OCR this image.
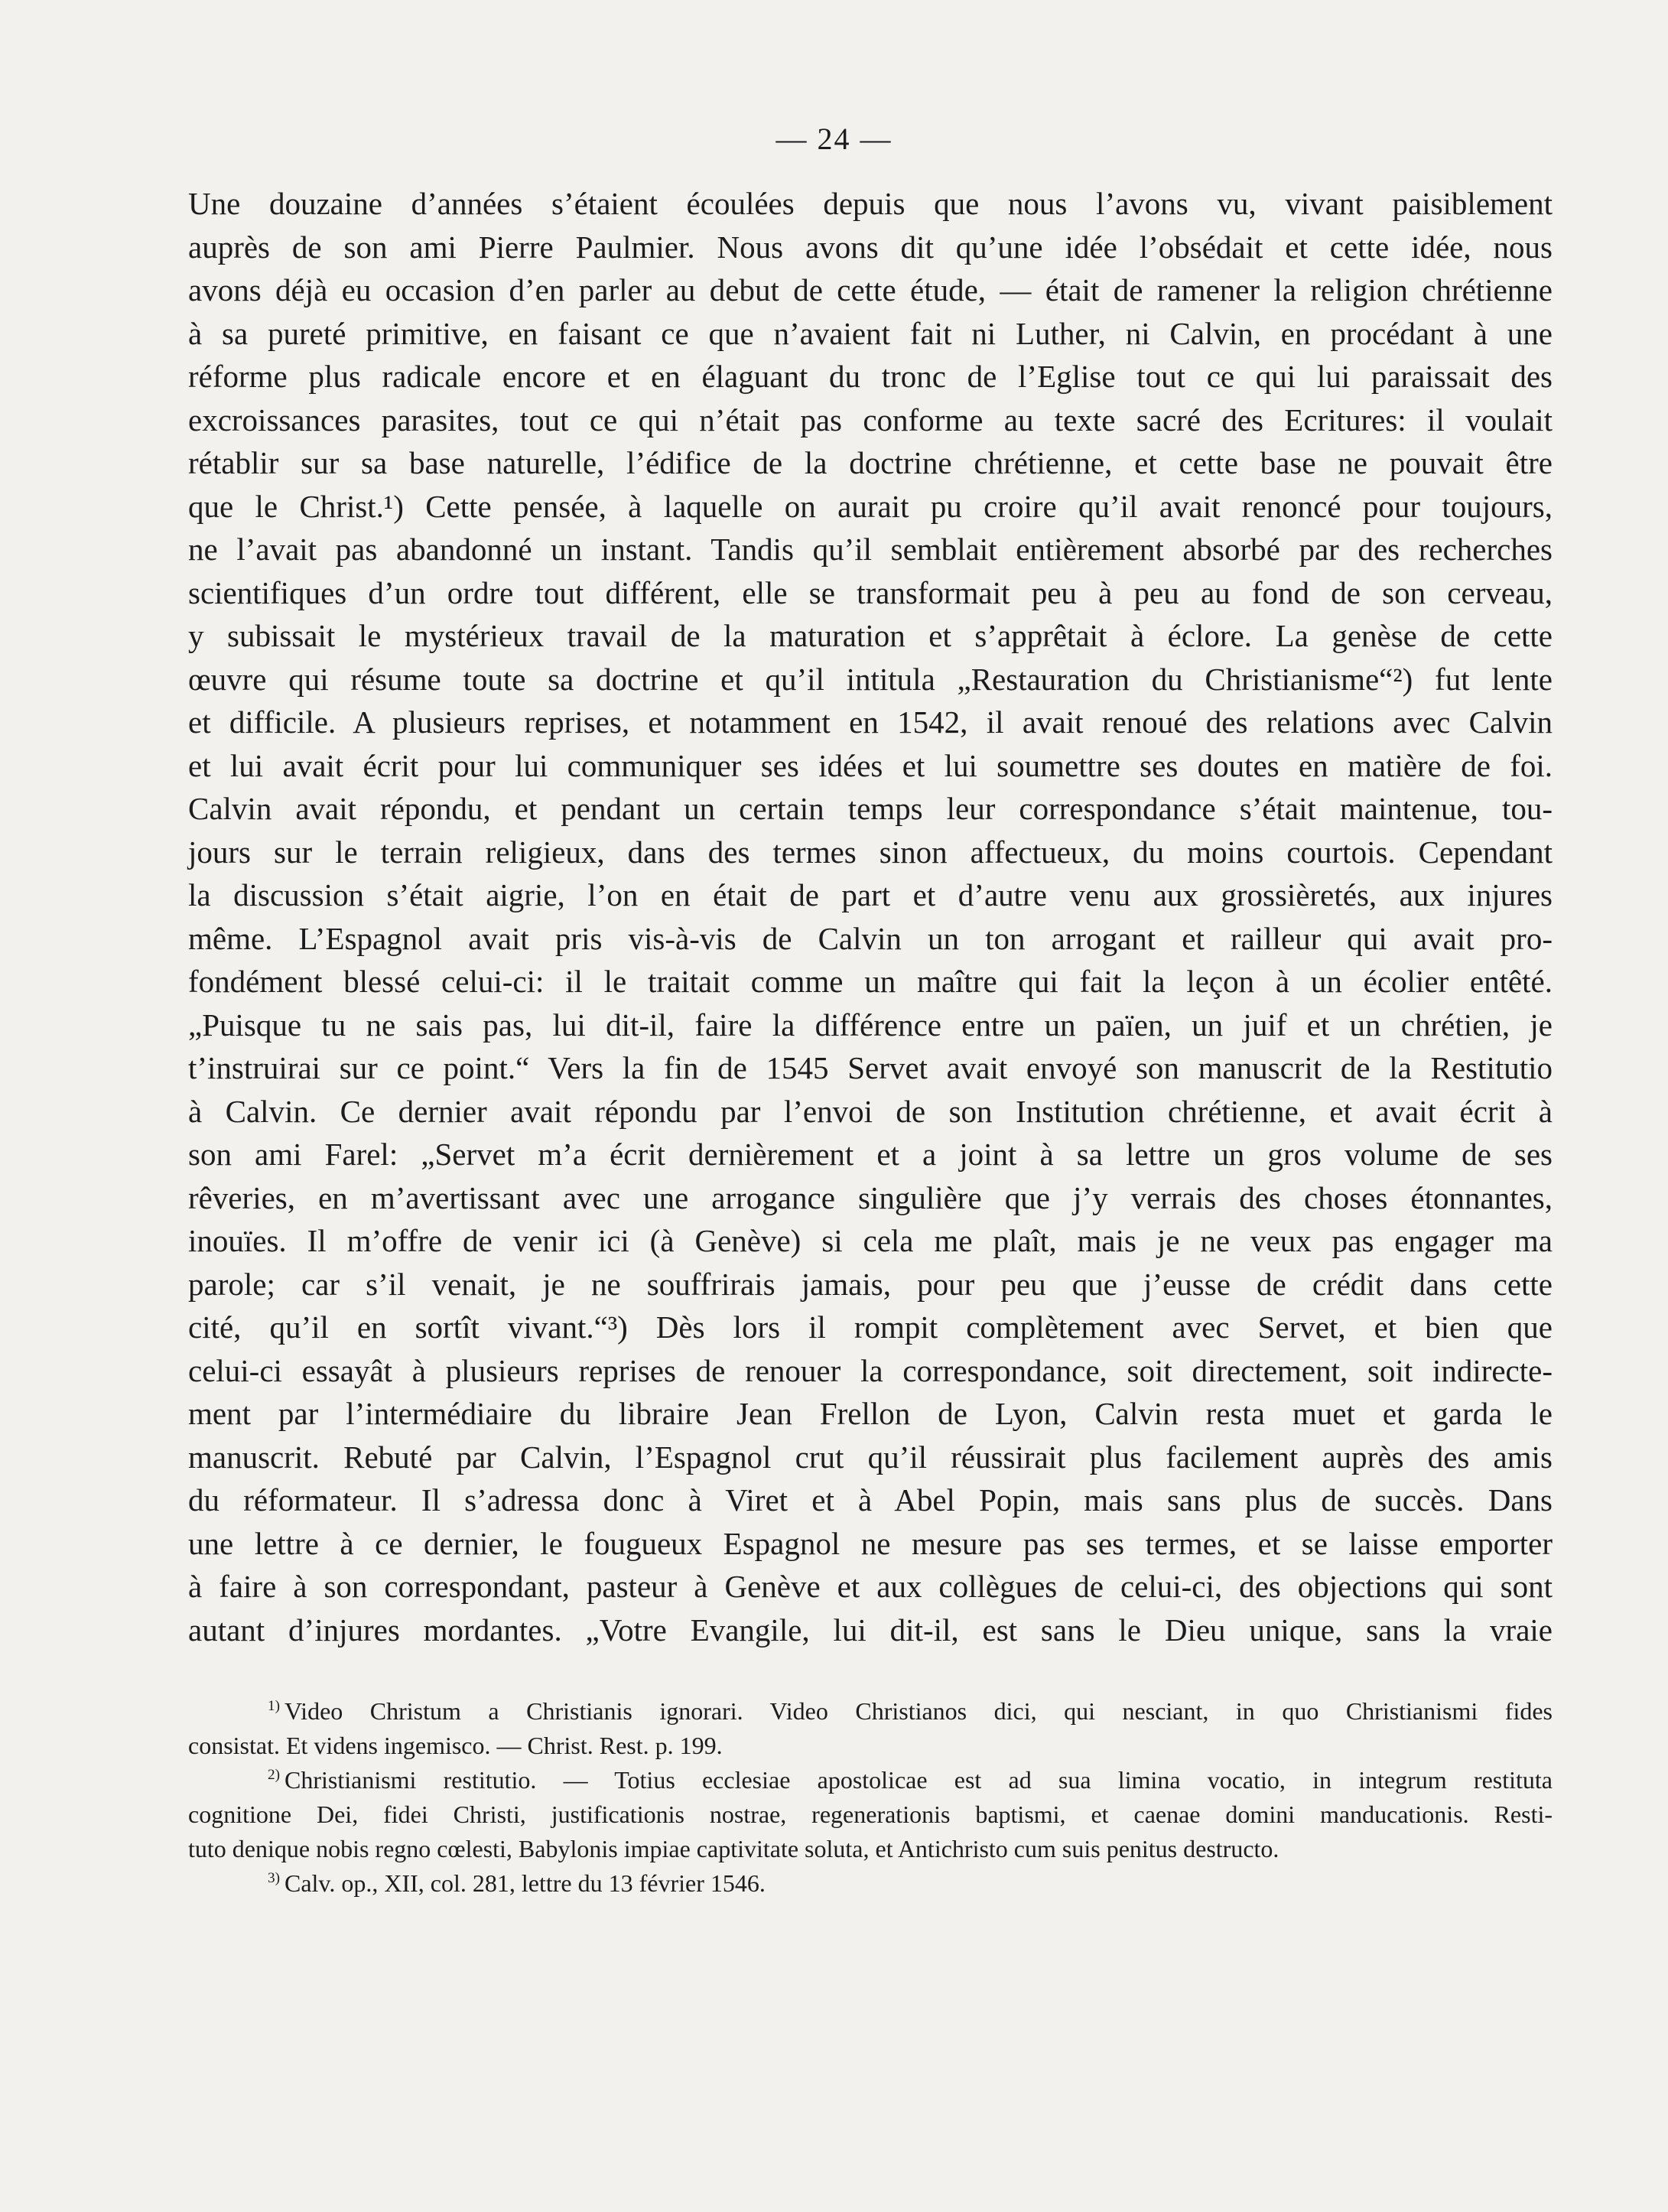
— 24 —
Une douzaine d’années s’étaient écoulées depuis que nous l’avons vu, vivant paisiblement
auprès de son ami Pierre Paulmier. Nous avons dit qu’une idée l’obsédait et cette idée, nous
avons déjà eu occasion d’en parler au debut de cette étude, — était de ramener la religion chrétienne
à sa pureté primitive, en faisant ce que n’avaient fait ni Luther, ni Calvin, en procédant à une
réforme plus radicale encore et en élaguant du tronc de l’Eglise tout ce qui lui paraissait des
excroissances parasites, tout ce qui n’était pas conforme au texte sacré des Ecritures: il voulait
rétablir sur sa base naturelle, l’édifice de la doctrine chrétienne, et cette base ne pouvait être
que le Christ.¹) Cette pensée, à laquelle on aurait pu croire qu’il avait renoncé pour toujours,
ne l’avait pas abandonné un instant. Tandis qu’il semblait entièrement absorbé par des recherches
scientifiques d’un ordre tout différent, elle se transformait peu à peu au fond de son cerveau,
y subissait le mystérieux travail de la maturation et s’apprêtait à éclore. La genèse de cette
œuvre qui résume toute sa doctrine et qu’il intitula „Restauration du Christianisme“²) fut lente
et difficile. A plusieurs reprises, et notamment en 1542, il avait renoué des relations avec Calvin
et lui avait écrit pour lui communiquer ses idées et lui soumettre ses doutes en matière de foi.
Calvin avait répondu, et pendant un certain temps leur correspondance s’était maintenue, tou-
jours sur le terrain religieux, dans des termes sinon affectueux, du moins courtois. Cependant
la discussion s’était aigrie, l’on en était de part et d’autre venu aux grossièretés, aux injures
même. L’Espagnol avait pris vis-à-vis de Calvin un ton arrogant et railleur qui avait pro-
fondément blessé celui-ci: il le traitait comme un maître qui fait la leçon à un écolier entêté.
„Puisque tu ne sais pas, lui dit-il, faire la différence entre un païen, un juif et un chrétien, je
t’instruirai sur ce point.“ Vers la fin de 1545 Servet avait envoyé son manuscrit de la Restitutio
à Calvin. Ce dernier avait répondu par l’envoi de son Institution chrétienne, et avait écrit à
son ami Farel: „Servet m’a écrit dernièrement et a joint à sa lettre un gros volume de ses
rêveries, en m’avertissant avec une arrogance singulière que j’y verrais des choses étonnantes,
inouïes. Il m’offre de venir ici (à Genève) si cela me plaît, mais je ne veux pas engager ma
parole; car s’il venait, je ne souffrirais jamais, pour peu que j’eusse de crédit dans cette
cité, qu’il en sortît vivant.“³) Dès lors il rompit complètement avec Servet, et bien que
celui-ci essayât à plusieurs reprises de renouer la correspondance, soit directement, soit indirecte-
ment par l’intermédiaire du libraire Jean Frellon de Lyon, Calvin resta muet et garda le
manuscrit. Rebuté par Calvin, l’Espagnol crut qu’il réussirait plus facilement auprès des amis
du réformateur. Il s’adressa donc à Viret et à Abel Popin, mais sans plus de succès. Dans
une lettre à ce dernier, le fougueux Espagnol ne mesure pas ses termes, et se laisse emporter
à faire à son correspondant, pasteur à Genève et aux collègues de celui-ci, des objections qui sont
autant d’injures mordantes. „Votre Evangile, lui dit-il, est sans le Dieu unique, sans la vraie
$^{1)}$ Video Christum a Christianis ignorari. Video Christianos dici, qui nesciant, in quo Christianismi fides
consistat. Et videns ingemisco. — Christ. Rest. p. 199.
$^{2)}$ Christianismi restitutio. — Totius ecclesiae apostolicae est ad sua limina vocatio, in integrum restituta
cognitione Dei, fidei Christi, justificationis nostrae, regenerationis baptismi, et caenae domini manducationis. Resti-
tuto denique nobis regno cœlesti, Babylonis impiae captivitate soluta, et Antichristo cum suis penitus destructo.
$^{3)}$ Calv. op., XII, col. 281, lettre du 13 février 1546.
